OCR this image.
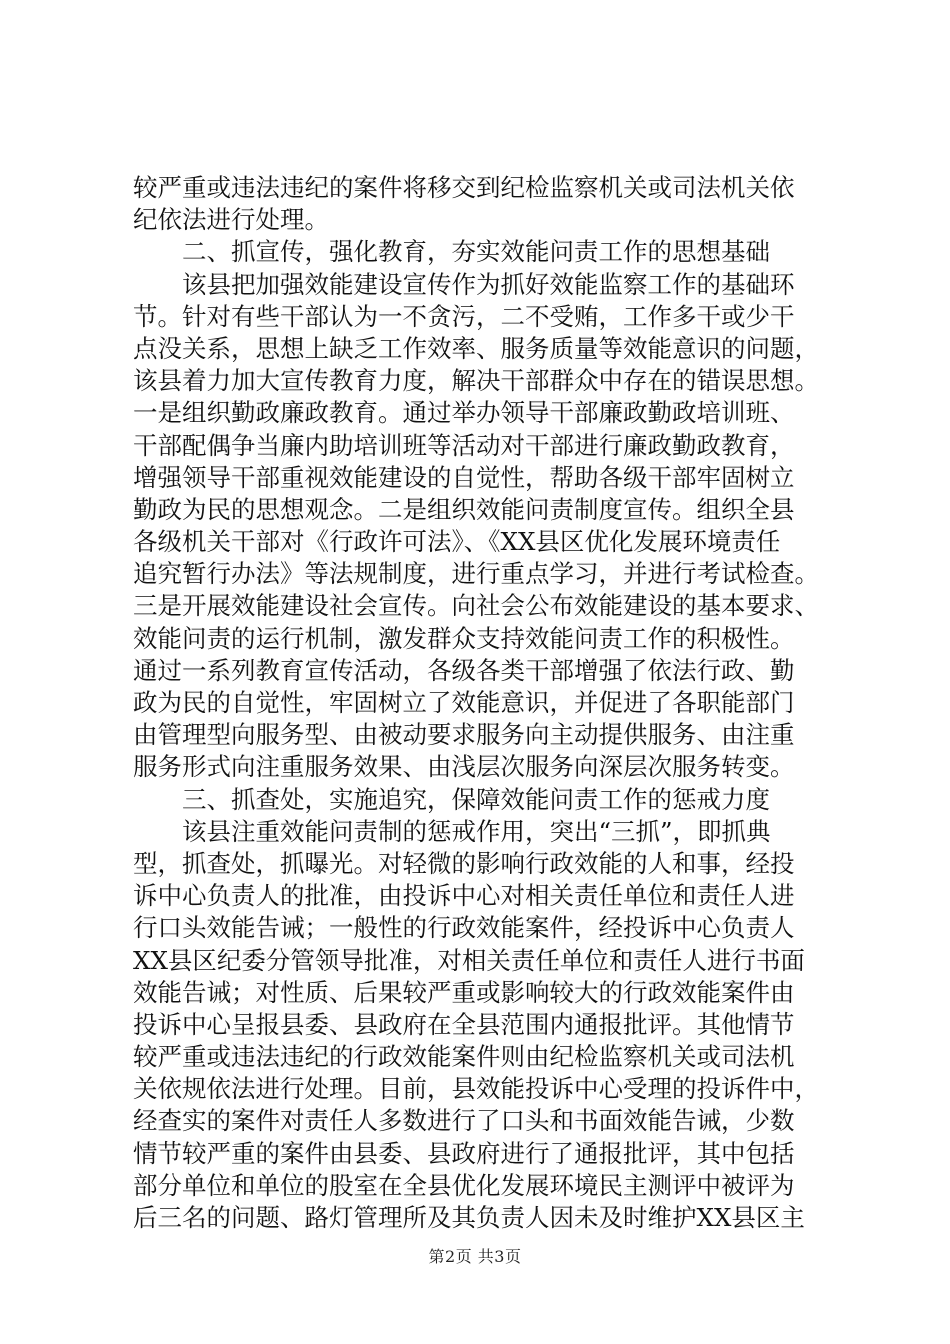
较严重或违法违纪的案件将移交到纪检监察机关或司法机关依
纪依法进行处理。
二、抓宣传，强化教育，夯实效能问责工作的思想基础
该县把加强效能建设宣传作为抓好效能监察工作的基础环
节。针对有些干部认为一不贪污，二不受贿，工作多干或少干
点没关系，思想上缺乏工作效率、服务质量等效能意识的问题，
该县着力加大宣传教育力度，解决干部群众中存在的错误思想。
一是组织勤政廉政教育。通过举办领导干部廉政勤政培训班、
干部配偶争当廉内助培训班等活动对干部进行廉政勤政教育，
增强领导干部重视效能建设的自觉性，帮助各级干部牢固树立
勤政为民的思想观念。二是组织效能问责制度宣传。组织全县
各级机关干部对《行政许可法》、《XX县区优化发展环境责任
追究暂行办法》等法规制度，进行重点学习，并进行考试检查。
三是开展效能建设社会宣传。向社会公布效能建设的基本要求、
效能问责的运行机制，激发群众支持效能问责工作的积极性。
通过一系列教育宣传活动，各级各类干部增强了依法行政、勤
政为民的自觉性，牢固树立了效能意识，并促进了各职能部门
由管理型向服务型、由被动要求服务向主动提供服务、由注重
服务形式向注重服务效果、由浅层次服务向深层次服务转变。
三、抓查处，实施追究，保障效能问责工作的惩戒力度
该县注重效能问责制的惩戒作用，突出“三抓”，即抓典
型，抓查处，抓曝光。对轻微的影响行政效能的人和事，经投
诉中心负责人的批准，由投诉中心对相关责任单位和责任人进
行口头效能告诫；一般性的行政效能案件，经投诉中心负责人
XX县区纪委分管领导批准，对相关责任单位和责任人进行书面
效能告诫；对性质、后果较严重或影响较大的行政效能案件由
投诉中心呈报县委、县政府在全县范围内通报批评。其他情节
较严重或违法违纪的行政效能案件则由纪检监察机关或司法机
关依规依法进行处理。目前，县效能投诉中心受理的投诉件中，
经查实的案件对责任人多数进行了口头和书面效能告诫，少数
情节较严重的案件由县委、县政府进行了通报批评，其中包括
部分单位和单位的股室在全县优化发展环境民主测评中被评为
后三名的问题、路灯管理所及其负责人因未及时维护XX县区主
第2页 共3页
